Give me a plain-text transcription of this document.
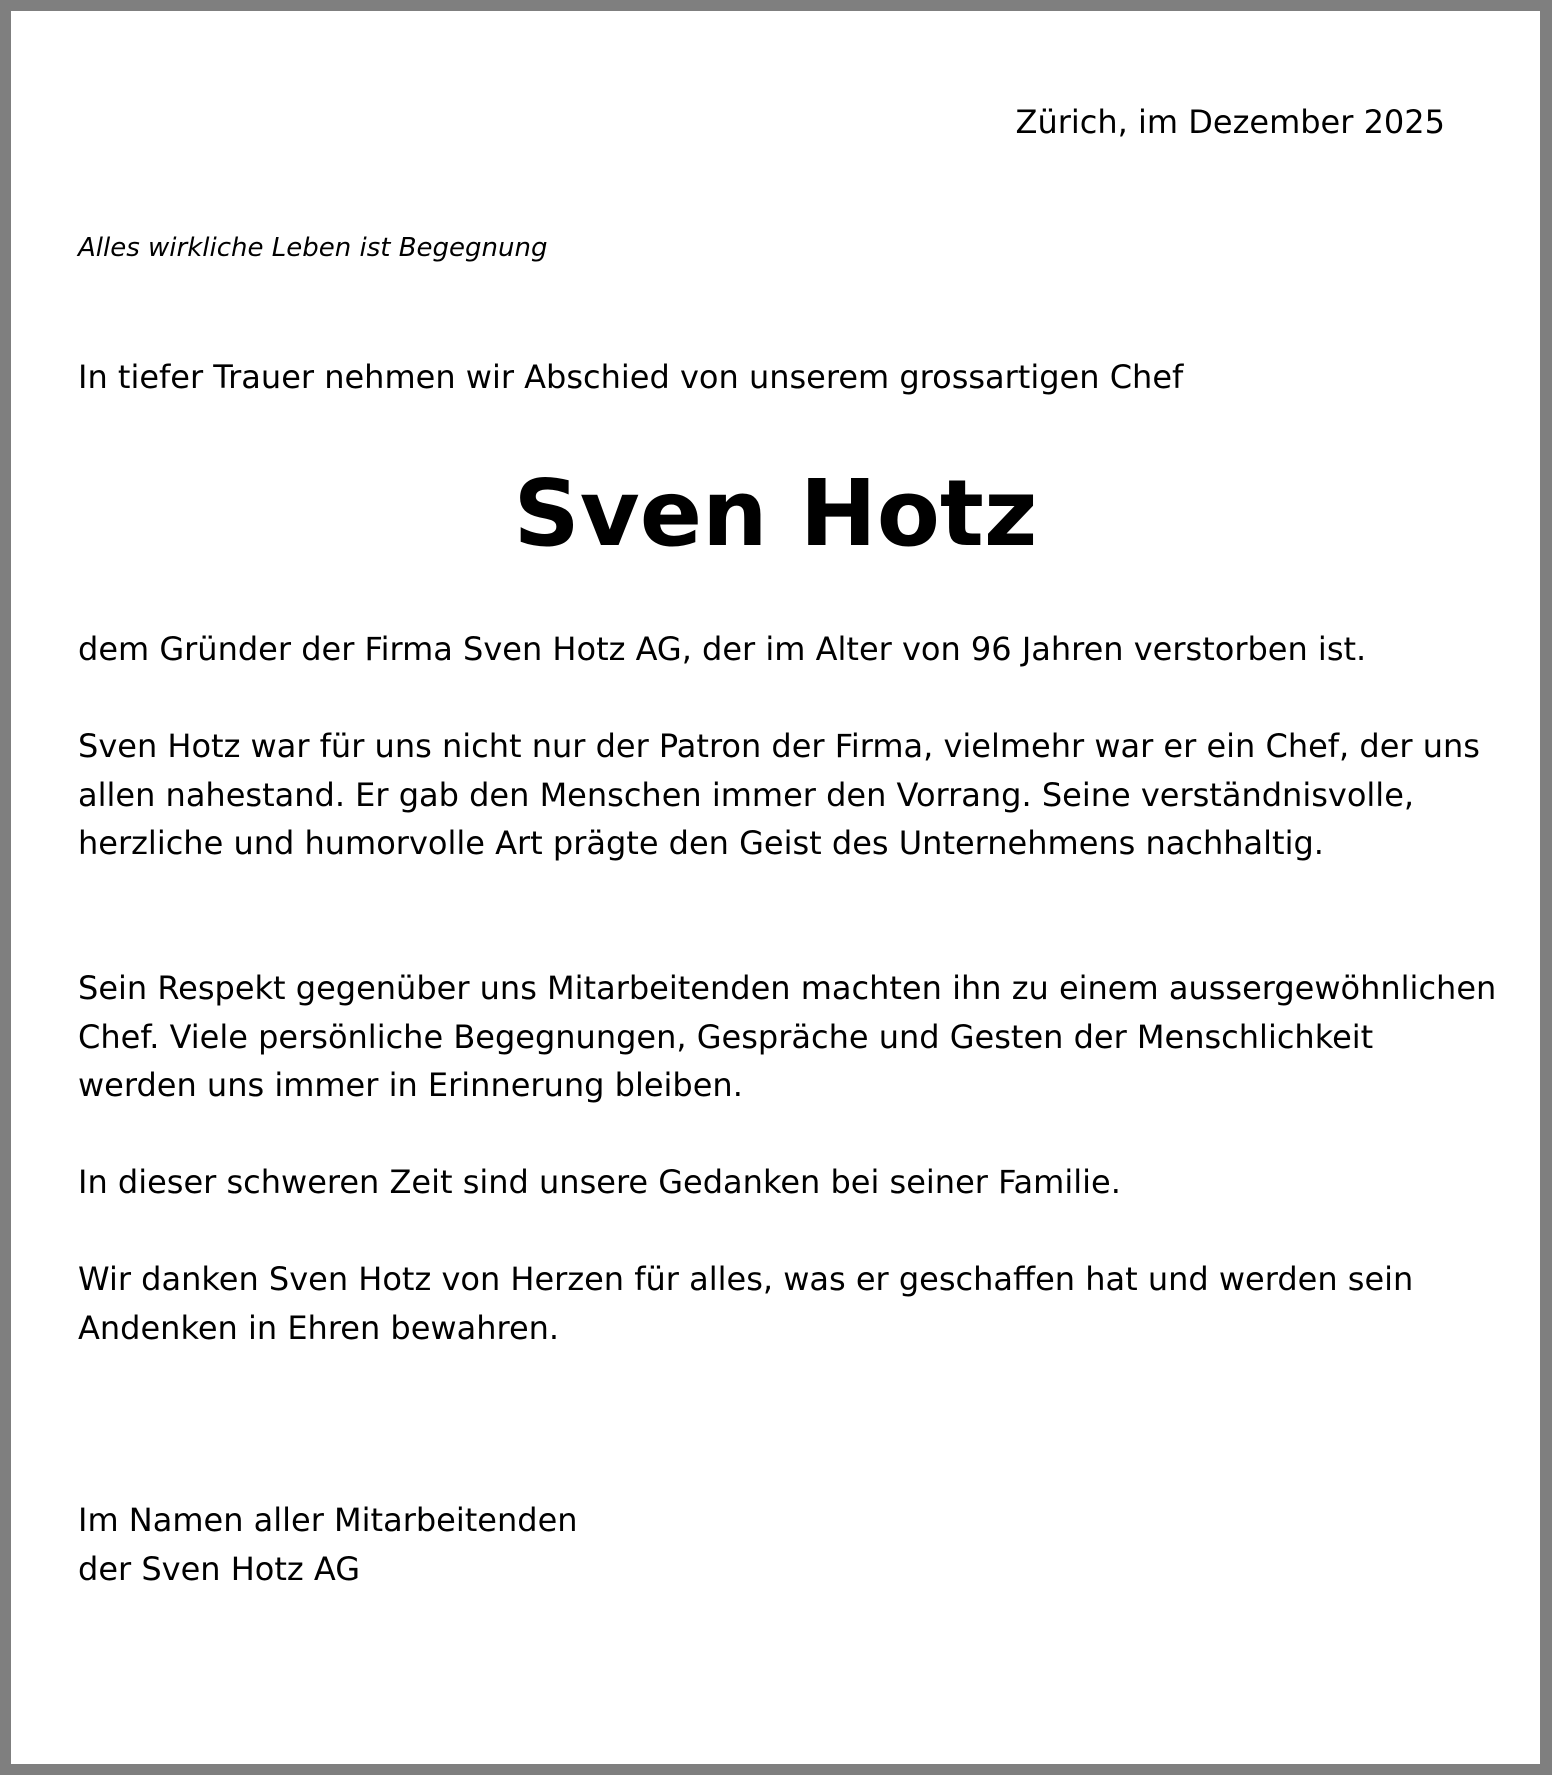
Zürich, im Dezember 2025
Alles wirkliche Leben ist Begegnung
In tiefer Trauer nehmen wir Abschied von unserem grossartigen Chef
Sven Hotz

dem Gründer der Firma Sven Hotz AG, der im Alter von 96 Jahren verstorben ist.

Sven Hotz war für uns nicht nur der Patron der Firma, vielmehr war er ein Chef, der uns allen nahestand. Er gab den Menschen immer den Vorrang. Seine verständnisvolle, herzliche und humorvolle Art prägte den Geist des Unternehmens nachhaltig.

Sein Respekt gegenüber uns Mitarbeitenden machten ihn zu einem aussergewöhnlichen Chef. Viele persönliche Begegnungen, Gespräche und Gesten der Menschlichkeit werden uns immer in Erinnerung bleiben.

In dieser schweren Zeit sind unsere Gedanken bei seiner Familie.

Wir danken Sven Hotz von Herzen für alles, was er geschaffen hat und werden sein Andenken in Ehren bewahren.

Im Namen aller Mitarbeitenden
der Sven Hotz AG
